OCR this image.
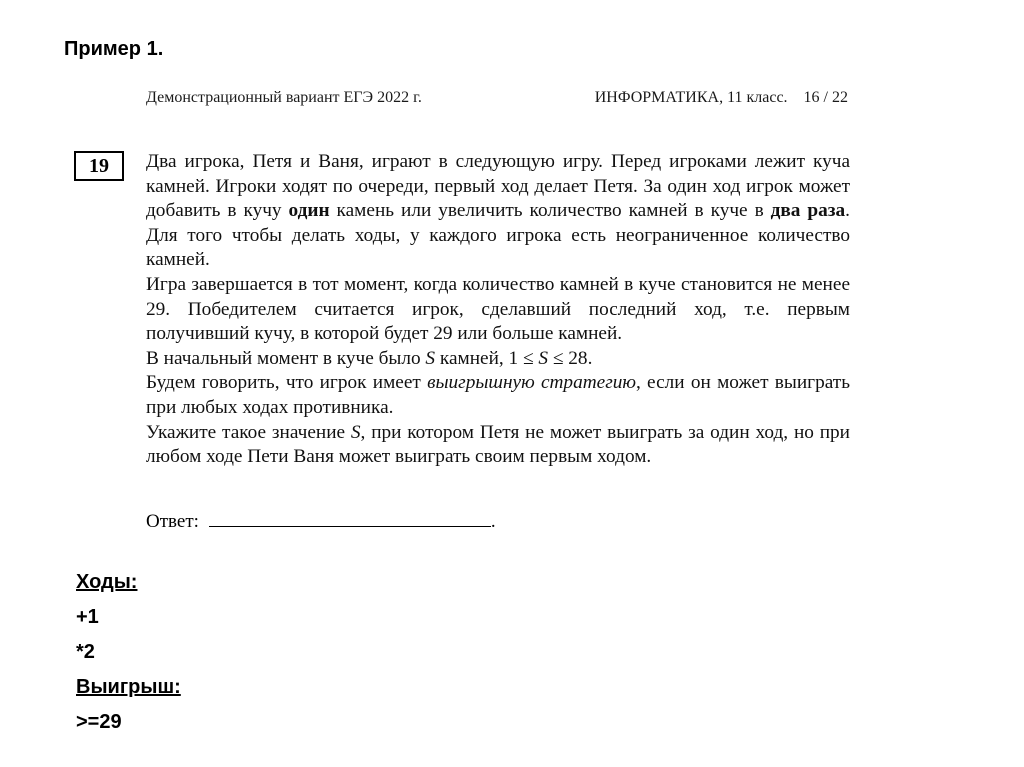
Пример 1.
Демонстрационный вариант ЕГЭ 2022 г.	ИНФОРМАТИКА, 11 класс.    16 / 22
19	Два игрока, Петя и Ваня, играют в следующую игру. Перед игроками лежит куча камней. Игроки ходят по очереди, первый ход делает Петя. За один ход игрок может добавить в кучу один камень или увеличить количество камней в куче в два раза. Для того чтобы делать ходы, у каждого игрока есть неограниченное количество камней.

Игра завершается в тот момент, когда количество камней в куче становится не менее 29. Победителем считается игрок, сделавший последний ход, т.е. первым получивший кучу, в которой будет 29 или больше камней.

В начальный момент в куче было S камней, 1 ≤ S ≤ 28.

Будем говорить, что игрок имеет выигрышную стратегию, если он может выиграть при любых ходах противника.

Укажите такое значение S, при котором Петя не может выиграть за один ход, но при любом ходе Пети Ваня может выиграть своим первым ходом.

Ответ:	.
Ходы:
+1
*2
Выигрыш:
>=29
